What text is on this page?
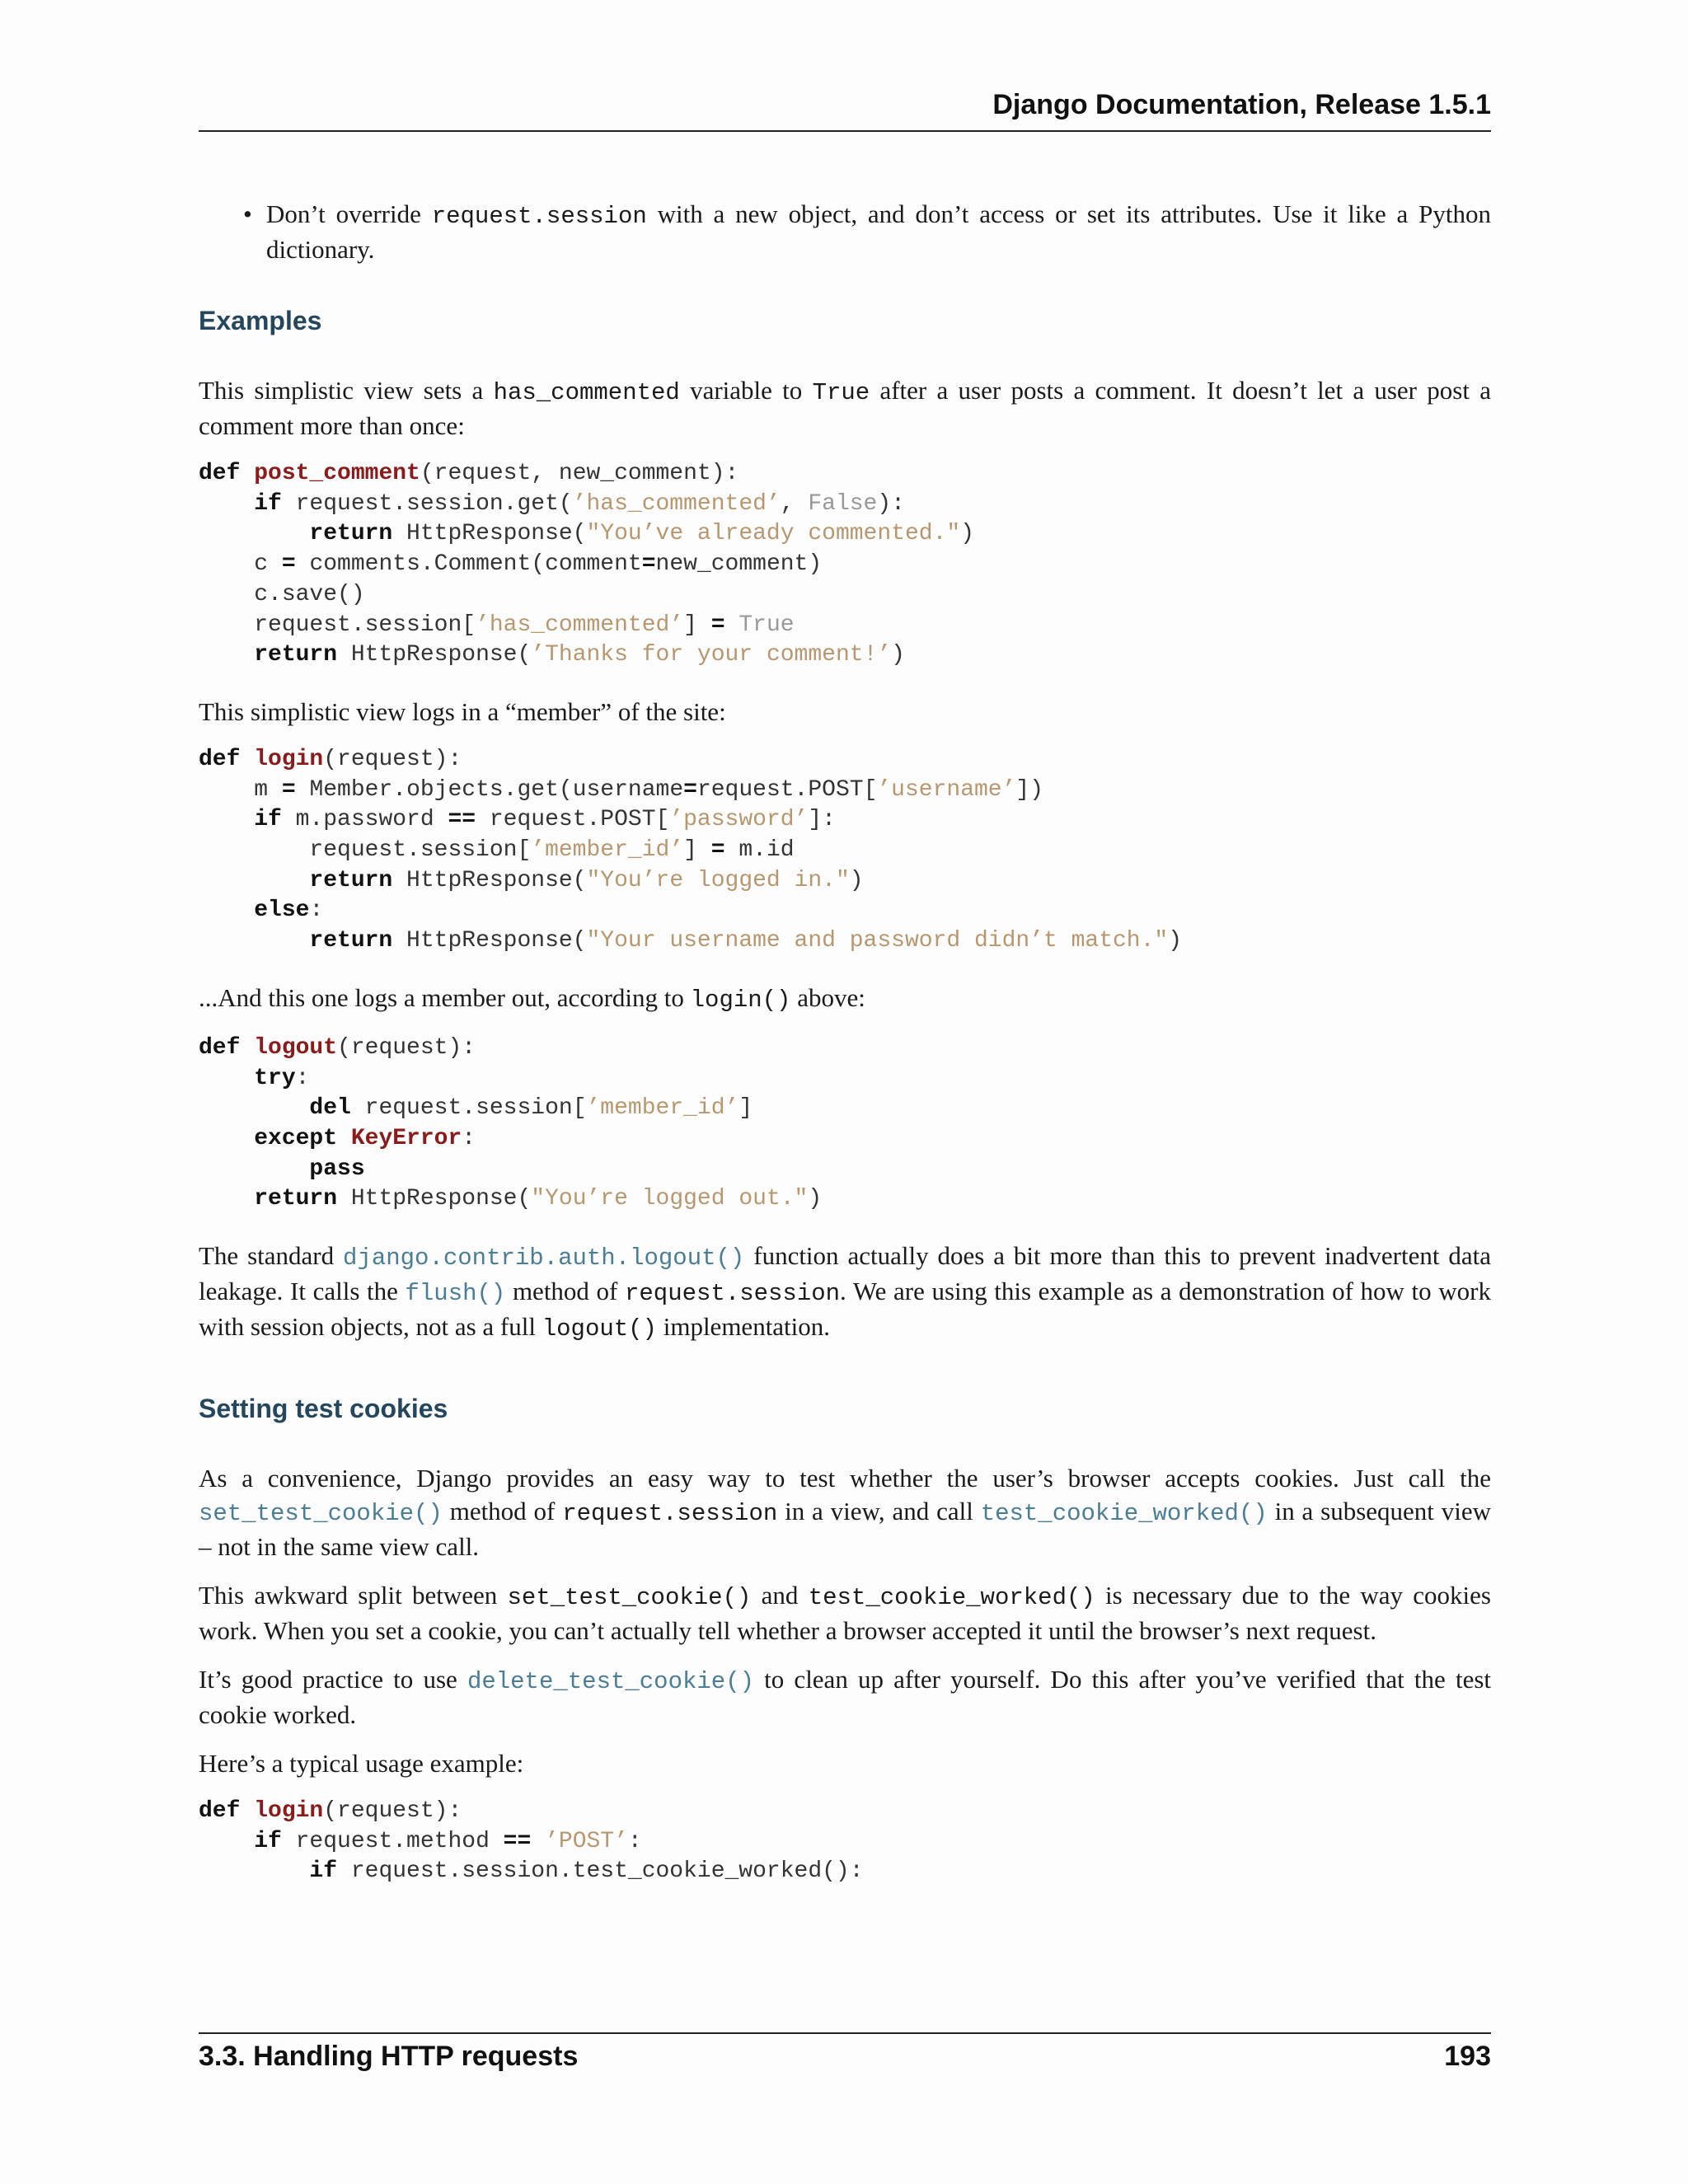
Django Documentation, Release 1.5.1
• Don’t override request.session with a new object, and don’t access or set its attributes. Use it like a Python dictionary.
Examples

This simplistic view sets a has_commented variable to True after a user posts a comment. It doesn’t let a user post a comment more than once:

def post_comment(request, new_comment):
if request.session.get(’has_commented’, False):
return HttpResponse("You’ve already commented.")
c = comments.Comment(comment=new_comment)
c.save()
request.session[’has_commented’] = True
return HttpResponse(’Thanks for your comment!’)

This simplistic view logs in a “member” of the site:

def login(request):
m = Member.objects.get(username=request.POST[’username’])
if m.password == request.POST[’password’]:
request.session[’member_id’] = m.id
return HttpResponse("You’re logged in.")
else:
return HttpResponse("Your username and password didn’t match.")

...And this one logs a member out, according to login() above:

def logout(request):
try:
del request.session[’member_id’]
except KeyError:
pass
return HttpResponse("You’re logged out.")

The standard django.contrib.auth.logout() function actually does a bit more than this to prevent inadvertent data leakage. It calls the flush() method of request.session. We are using this example as a demonstration of how to work with session objects, not as a full logout() implementation.

Setting test cookies

As a convenience, Django provides an easy way to test whether the user’s browser accepts cookies. Just call the set_test_cookie() method of request.session in a view, and call test_cookie_worked() in a subsequent view – not in the same view call.

This awkward split between set_test_cookie() and test_cookie_worked() is necessary due to the way cookies work. When you set a cookie, you can’t actually tell whether a browser accepted it until the browser’s next request.

It’s good practice to use delete_test_cookie() to clean up after yourself. Do this after you’ve verified that the test cookie worked.

Here’s a typical usage example:

def login(request):
if request.method == ’POST’:
if request.session.test_cookie_worked():
3.3. Handling HTTP requests	193
